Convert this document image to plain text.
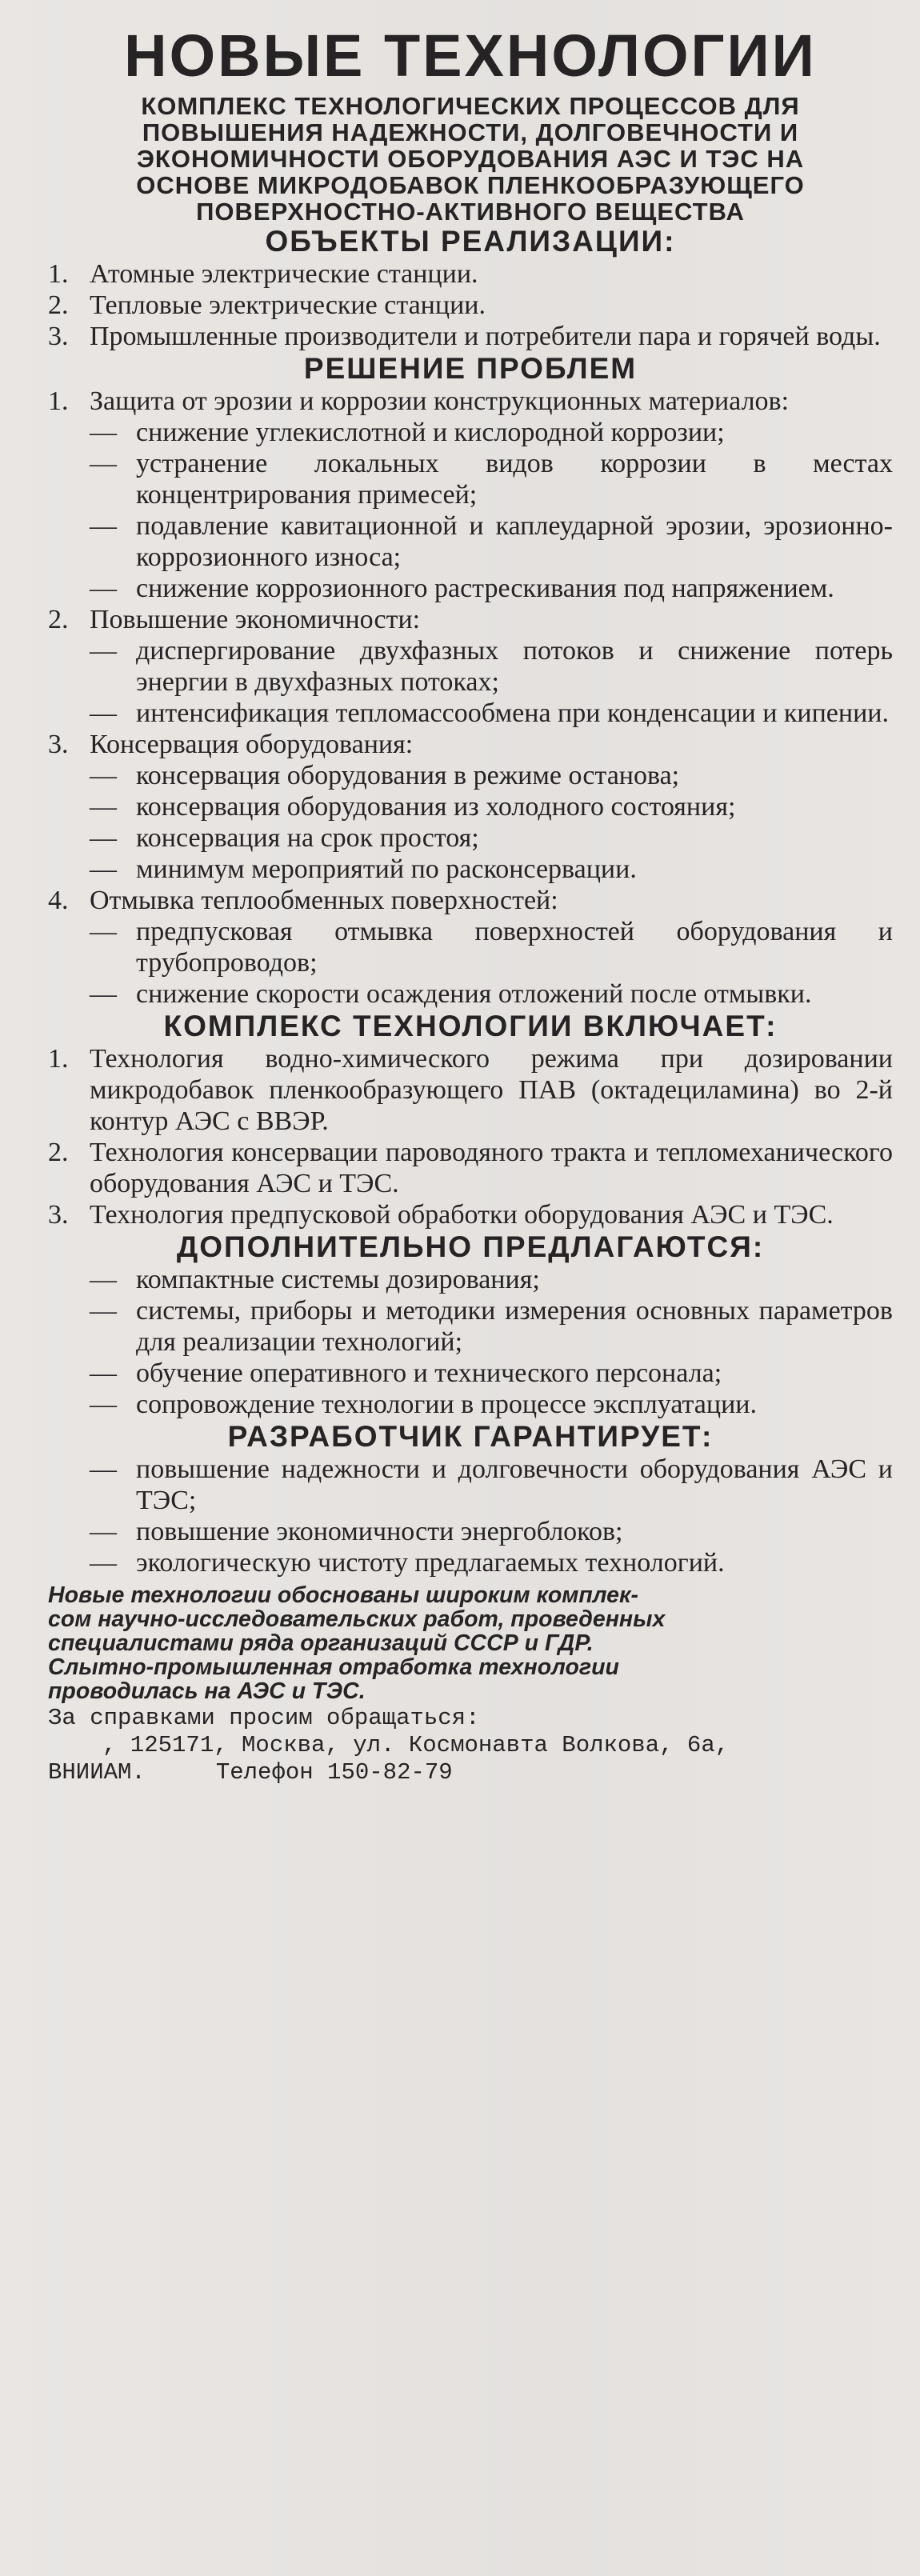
НОВЫЕ ТЕХНОЛОГИИ
КОМПЛЕКС ТЕХНОЛОГИЧЕСКИХ ПРОЦЕССОВ ДЛЯ
ПОВЫШЕНИЯ НАДЕЖНОСТИ, ДОЛГОВЕЧНОСТИ И
ЭКОНОМИЧНОСТИ ОБОРУДОВАНИЯ АЭС И ТЭС НА
ОСНОВЕ МИКРОДОБАВОК ПЛЕНКООБРАЗУЮЩЕГО
ПОВЕРХНОСТНО-АКТИВНОГО ВЕЩЕСТВА
ОБЪЕКТЫ РЕАЛИЗАЦИИ:
1. Атомные электрические станции.
2. Тепловые электрические станции.
3. Промышленные производители и потребители пара и горячей воды.
РЕШЕНИЕ ПРОБЛЕМ
1. Защита от эрозии и коррозии конструкционных материалов:
— снижение углекислотной и кислородной коррозии;
— устранение локальных видов коррозии в местах концентрирования примесей;
— подавление кавитационной и каплеударной эрозии, эрозионно-коррозионного износа;
— снижение коррозионного растрескивания под напряжением.
2. Повышение экономичности:
— диспергирование двухфазных потоков и снижение потерь энергии в двухфазных потоках;
— интенсификация тепломассообмена при конденсации и кипении.
3. Консервация оборудования:
— консервация оборудования в режиме останова;
— консервация оборудования из холодного состояния;
— консервация на срок простоя;
— минимум мероприятий по расконсервации.
4. Отмывка теплообменных поверхностей:
— предпусковая отмывка поверхностей оборудования и трубопроводов;
— снижение скорости осаждения отложений после отмывки.
КОМПЛЕКС ТЕХНОЛОГИИ ВКЛЮЧАЕТ:
1. Технология водно-химического режима при дозировании микродобавок пленкообразующего ПАВ (октадециламина) во 2-й контур АЭС с ВВЭР.
2. Технология консервации пароводяного тракта и тепломеханического оборудования АЭС и ТЭС.
3. Технология предпусковой обработки оборудования АЭС и ТЭС.
ДОПОЛНИТЕЛЬНО ПРЕДЛАГАЮТСЯ:
— компактные системы дозирования;
— системы, приборы и методики измерения основных параметров для реализации технологий;
— обучение оперативного и технического персонала;
— сопровождение технологии в процессе эксплуатации.
РАЗРАБОТЧИК ГАРАНТИРУЕТ:
— повышение надежности и долговечности оборудования АЭС и ТЭС;
— повышение экономичности энергоблоков;
— экологическую чистоту предлагаемых технологий.
Новые технологии обоснованы широким комплек-
сом научно-исследовательских работ, проведенных
специалистами ряда организаций СССР и ГДР.
Слытно-промышленная отработка технологии
проводилась на АЭС и ТЭС.
За справками просим обращаться:
, 125171, Москва, ул. Космонавта Волкова, 6а,
ВНИИАМ.	Телефон 150-82-79
